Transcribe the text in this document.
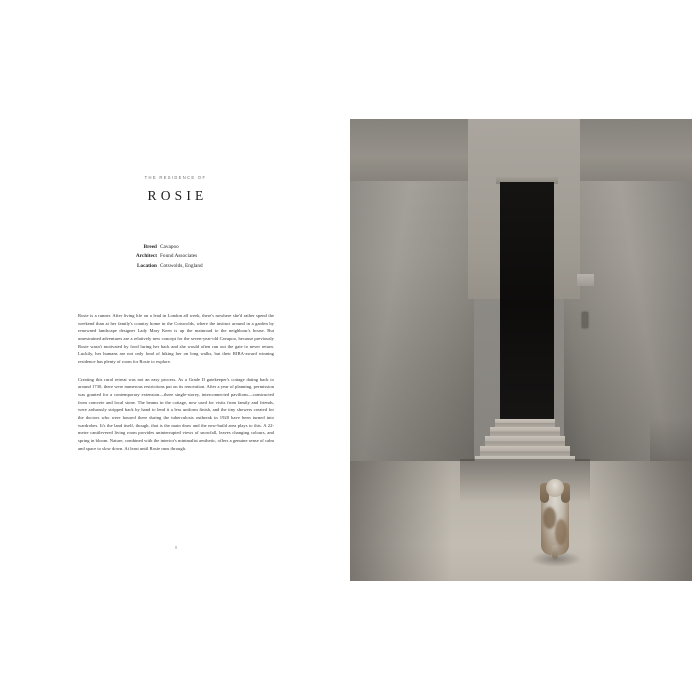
THE RESIDENCE OF
ROSIE
Breed Cavapoo
Architect Found Associates
Location Cotswolds, England

Rosie is a runner. After living life on a lead in London all week, there's nowhere she'd rather spend the weekend than at her family's country home in the Cotswolds, where the instinct around in a garden by renowned landscape designer Lady Mary Keen is up the mainroad to the neighbour's house. But unrestrained adventures are a relatively new concept for the seven-year-old Cavapoo, because previously Rosie wasn't motivated by food luring her back and she would often run out the gate to never return. Luckily, her humans are not only fond of hiking her on long walks, but their RIBA-award winning residence has plenty of room for Rosie to explore.

Creating this rural retreat was not an easy process. As a Grade II gatekeeper's cottage dating back to around 1730, there were numerous restrictions put on its renovation. After a year of planning, permission was granted for a contemporary extension—three single-storey, interconnected pavilions—constructed from concrete and local stone. The beams in the cottage, now used for visits from family and friends, were arduously stripped back by hand to lend it a less uniform finish, and the tiny showers created for the doctors who were housed there during the tuberculosis outbreak in 1920 have been turned into wardrobes. It's the land itself, though, that is the main draw and the new-build area plays to this. A 22-metre cantilevered living room provides uninterrupted views of snowfall, leaves changing colours, and spring in bloom. Nature, combined with the interior's minimalist aesthetic, offers a genuine sense of calm and space to slow down. At least until Rosie runs through.

8
